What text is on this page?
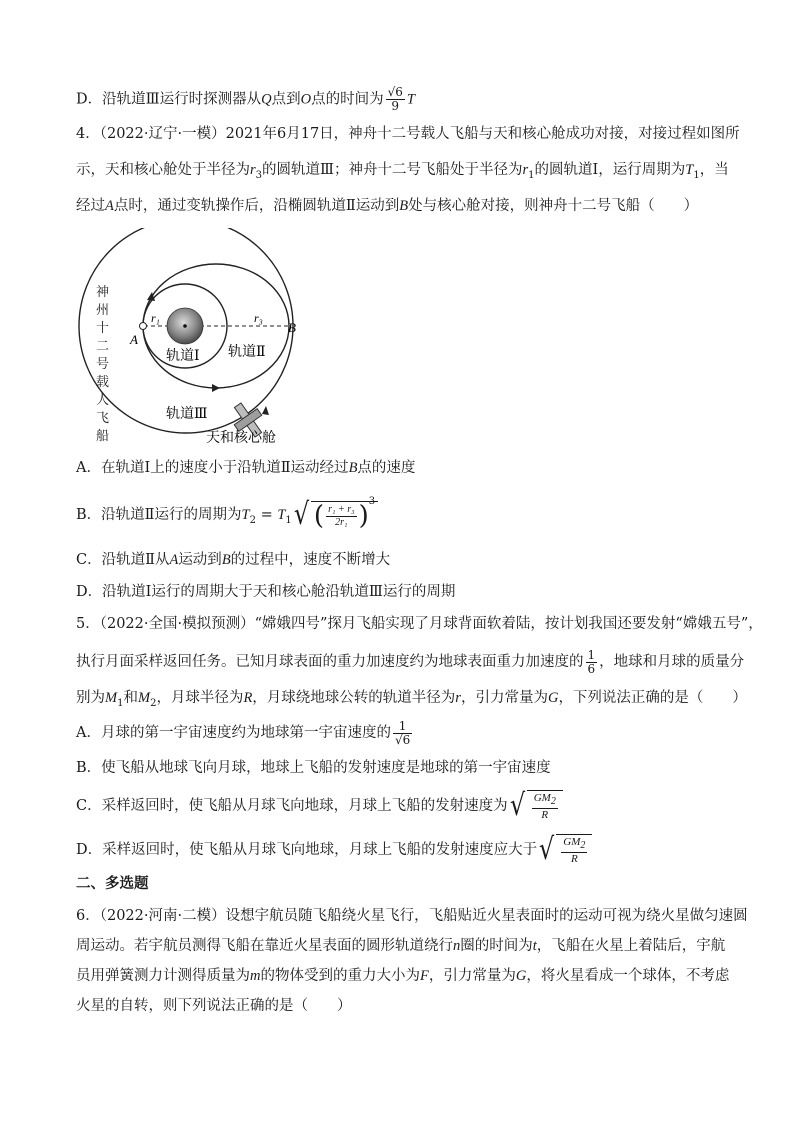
D．沿轨道Ⅲ运行时探测器从Q点到O点的时间为 $\frac{√6}{9}$ T
4．（2022·辽宁·一模）2021年6月17日，神舟十二号载人飞船与天和核心舱成功对接，对接过程如图所
示，天和核心舱处于半径为$r_3$的圆轨道Ⅲ；神舟十二号飞船处于半径为$r_1$的圆轨道Ⅰ，运行周期为$T_1$，当
经过A点时，通过变轨操作后，沿椭圆轨道Ⅱ运动到B处与核心舱对接，则神舟十二号飞船（　　）
r₁	r₃
A
B
轨道Ⅰ 轨道Ⅱ
轨道Ⅲ
天和核心舱
神
州
十
二
号
载
人
飞
船
A．在轨道Ⅰ上的速度小于沿轨道Ⅱ运动经过B点的速度
B．沿轨道Ⅱ运行的周期为$T_2 = T_1$ √ ( $\frac{\text{r₁ + r₃}}{\text{2r₁}}$ ) 3
C．沿轨道Ⅱ从A运动到B的过程中，速度不断增大
D．沿轨道Ⅰ运行的周期大于天和核心舱沿轨道Ⅲ运行的周期
5．（2022·全国·模拟预测）“嫦娥四号”探月飞船实现了月球背面软着陆，按计划我国还要发射“嫦娥五号”，
执行月面采样返回任务。已知月球表面的重力加速度约为地球表面重力加速度的 $\frac{1}{6}$ ，地球和月球的质量分
别为$M_1$和$M_2$，月球半径为R，月球绕地球公转的轨道半径为r，引力常量为G，下列说法正确的是（　　）
A．月球的第一宇宙速度约为地球第一宇宙速度的 $\frac{1}{√6}$
B．使飞船从地球飞向月球，地球上飞船的发射速度是地球的第一宇宙速度
C．采样返回时，使飞船从月球飞向地球，月球上飞船的发射速度为 √ $\frac{GM_2}{R}$
D．采样返回时，使飞船从月球飞向地球，月球上飞船的发射速度应大于 √ $\frac{GM_2}{R}$
二、多选题
6．（2022·河南·二模）设想宇航员随飞船绕火星飞行，飞船贴近火星表面时的运动可视为绕火星做匀速圆
周运动。若宇航员测得飞船在靠近火星表面的圆形轨道绕行n圈的时间为t，飞船在火星上着陆后，宇航
员用弹簧测力计测得质量为m的物体受到的重力大小为F，引力常量为G，将火星看成一个球体，不考虑
火星的自转，则下列说法正确的是（　　）
